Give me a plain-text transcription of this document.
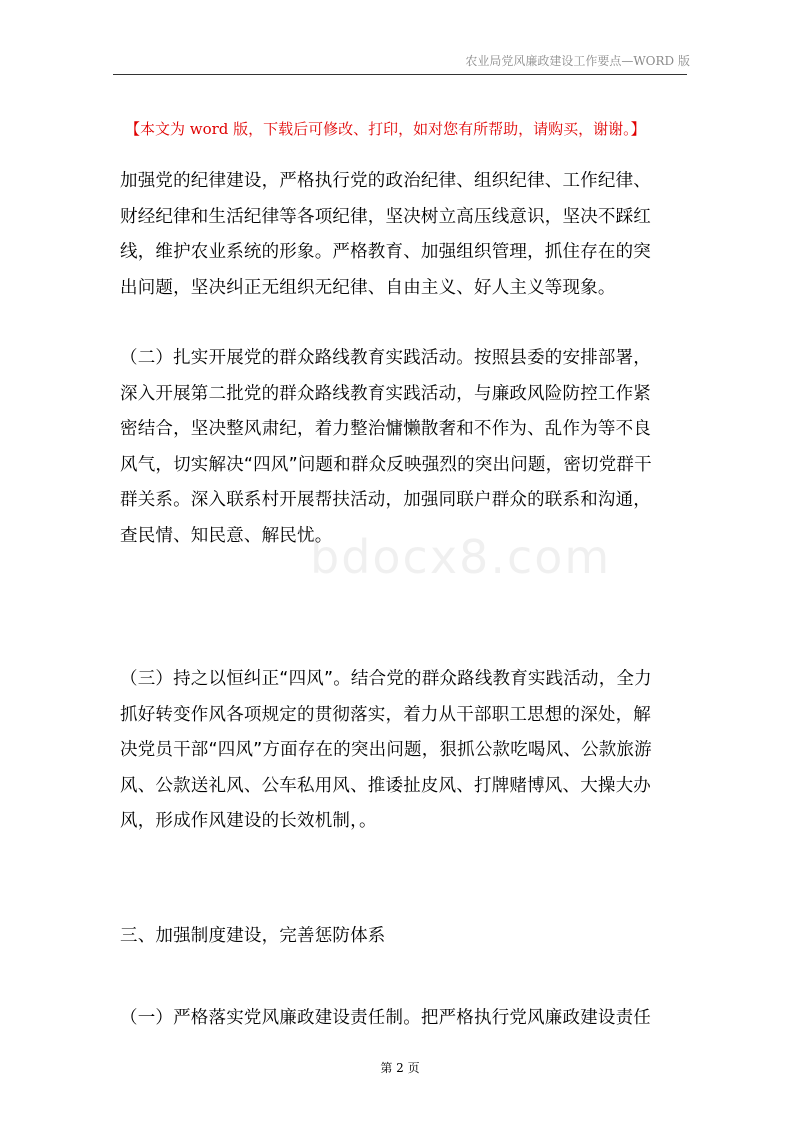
农业局党风廉政建设工作要点—WORD 版
【本文为 word 版，下载后可修改、打印，如对您有所帮助，请购买，谢谢。】
bdocx8.com
加强党的纪律建设，严格执行党的政治纪律、组织纪律、工作纪律、
财经纪律和生活纪律等各项纪律，坚决树立高压线意识，坚决不踩红
线，维护农业系统的形象。严格教育、加强组织管理，抓住存在的突
出问题，坚决纠正无组织无纪律、自由主义、好人主义等现象。
（二）扎实开展党的群众路线教育实践活动。按照县委的安排部署，
深入开展第二批党的群众路线教育实践活动，与廉政风险防控工作紧
密结合，坚决整风肃纪，着力整治慵懒散奢和不作为、乱作为等不良
风气，切实解决“四风”问题和群众反映强烈的突出问题，密切党群干
群关系。深入联系村开展帮扶活动，加强同联户群众的联系和沟通，
查民情、知民意、解民忧。
（三）持之以恒纠正“四风”。结合党的群众路线教育实践活动，全力
抓好转变作风各项规定的贯彻落实，着力从干部职工思想的深处，解
决党员干部“四风”方面存在的突出问题，狠抓公款吃喝风、公款旅游
风、公款送礼风、公车私用风、推诿扯皮风、打牌赌博风、大操大办
风，形成作风建设的长效机制，。
三、加强制度建设，完善惩防体系
（一）严格落实党风廉政建设责任制。把严格执行党风廉政建设责任
第 2 页
